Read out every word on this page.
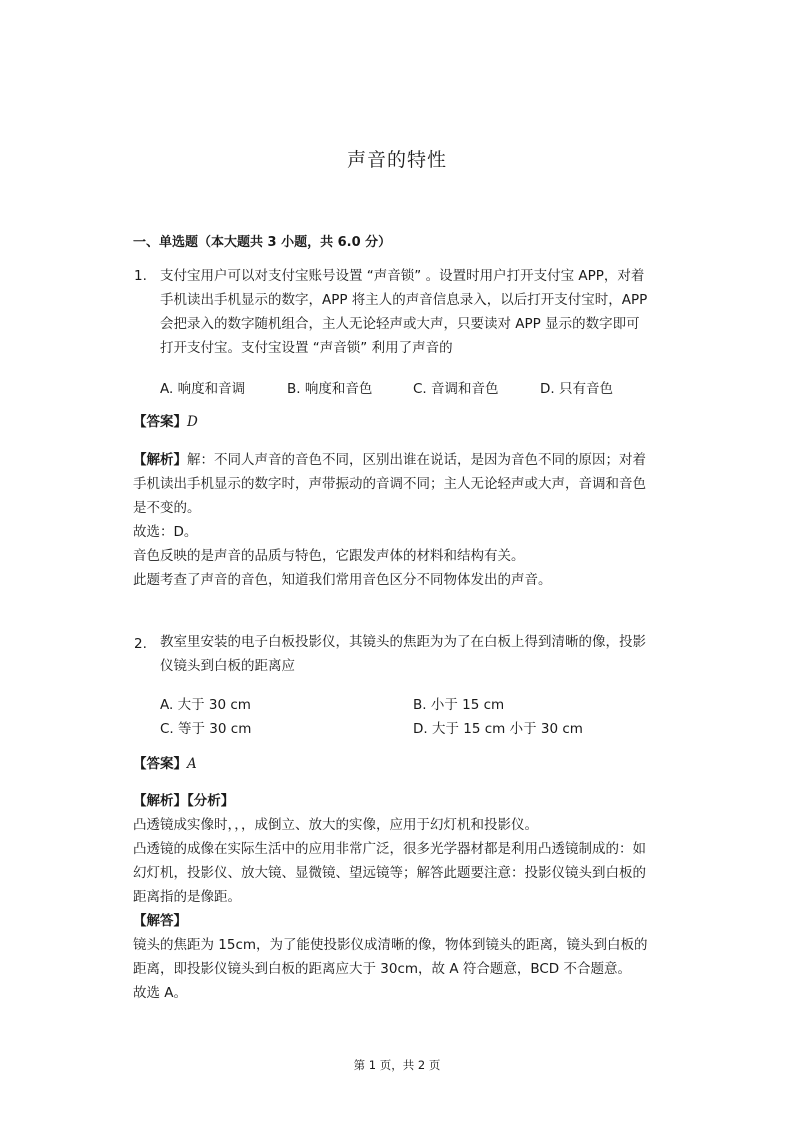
声音的特性
一、单选题（本大题共 3 小题，共 6.0 分）
1. 支付宝用户可以对支付宝账号设置 “声音锁” 。设置时用户打开支付宝 APP，对着
手机读出手机显示的数字，APP 将主人的声音信息录入，以后打开支付宝时，APP
会把录入的数字随机组合，主人无论轻声或大声，只要读对 APP 显示的数字即可
打开支付宝。支付宝设置 “声音锁” 利用了声音的
A. 响度和音调	B. 响度和音色	C. 音调和音色	D. 只有音色
【答案】D
【解析】解：不同人声音的音色不同，区别出谁在说话，是因为音色不同的原因；对着
手机读出手机显示的数字时，声带振动的音调不同；主人无论轻声或大声，音调和音色
是不变的。
故选：D。
音色反映的是声音的品质与特色，它跟发声体的材料和结构有关。
此题考查了声音的音色，知道我们常用音色区分不同物体发出的声音。
2. 教室里安装的电子白板投影仪，其镜头的焦距为为了在白板上得到清晰的像，投影
仪镜头到白板的距离应
A. 大于 30 cm	B. 小于 15 cm
C. 等于 30 cm	D. 大于 15 cm 小于 30 cm
【答案】A
【解析】【分析】
凸透镜成实像时，，，成倒立、放大的实像，应用于幻灯机和投影仪。
凸透镜的成像在实际生活中的应用非常广泛，很多光学器材都是利用凸透镜制成的：如
幻灯机，投影仪、放大镜、显微镜、望远镜等；解答此题要注意：投影仪镜头到白板的
距离指的是像距。
【解答】
镜头的焦距为 15cm，为了能使投影仪成清晰的像，物体到镜头的距离，镜头到白板的
距离，即投影仪镜头到白板的距离应大于 30cm，故 A 符合题意，BCD 不合题意。
故选 A。
第 1 页，共 2 页
